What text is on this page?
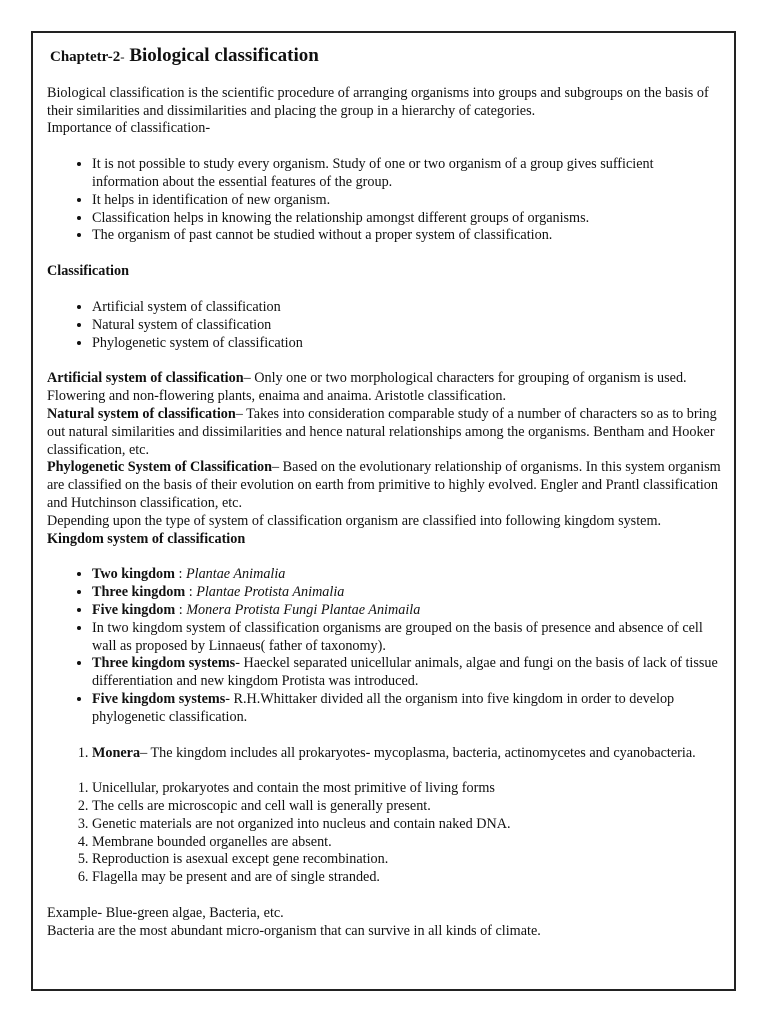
Chaptetr-2- Biological classification

Biological classification is the scientific procedure of arranging organisms into groups and subgroups on the basis of their similarities and dissimilarities and placing the group in a hierarchy of categories.

Importance of classification-

• It is not possible to study every organism. Study of one or two organism of a group gives sufficient information about the essential features of the group.
• It helps in identification of new organism.
• Classification helps in knowing the relationship amongst different groups of organisms.
• The organism of past cannot be studied without a proper system of classification.

Classification

• Artificial system of classification
• Natural system of classification
• Phylogenetic system of classification

Artificial system of classification– Only one or two morphological characters for grouping of organism is used. Flowering and non-flowering plants, enaima and anaima. Aristotle classification.

Natural system of classification– Takes into consideration comparable study of a number of characters so as to bring out natural similarities and dissimilarities and hence natural relationships among the organisms. Bentham and Hooker classification, etc.

Phylogenetic System of Classification– Based on the evolutionary relationship of organisms. In this system organism are classified on the basis of their evolution on earth from primitive to highly evolved. Engler and Prantl classification and Hutchinson classification, etc.

Depending upon the type of system of classification organism are classified into following kingdom system.

Kingdom system of classification

• Two kingdom : Plantae Animalia
• Three kingdom : Plantae Protista Animalia
• Five kingdom : Monera Protista Fungi Plantae Animaila
• In two kingdom system of classification organisms are grouped on the basis of presence and absence of cell wall as proposed by Linnaeus( father of taxonomy).
• Three kingdom systems- Haeckel separated unicellular animals, algae and fungi on the basis of lack of tissue differentiation and new kingdom Protista was introduced.
• Five kingdom systems- R.H.Whittaker divided all the organism into five kingdom in order to develop phylogenetic classification.
1. Monera– The kingdom includes all prokaryotes- mycoplasma, bacteria, actinomycetes and cyanobacteria.
1. Unicellular, prokaryotes and contain the most primitive of living forms
2. The cells are microscopic and cell wall is generally present.
3. Genetic materials are not organized into nucleus and contain naked DNA.
4. Membrane bounded organelles are absent.
5. Reproduction is asexual except gene recombination.
6. Flagella may be present and are of single stranded.

Example- Blue-green algae, Bacteria, etc.

Bacteria are the most abundant micro-organism that can survive in all kinds of climate.
